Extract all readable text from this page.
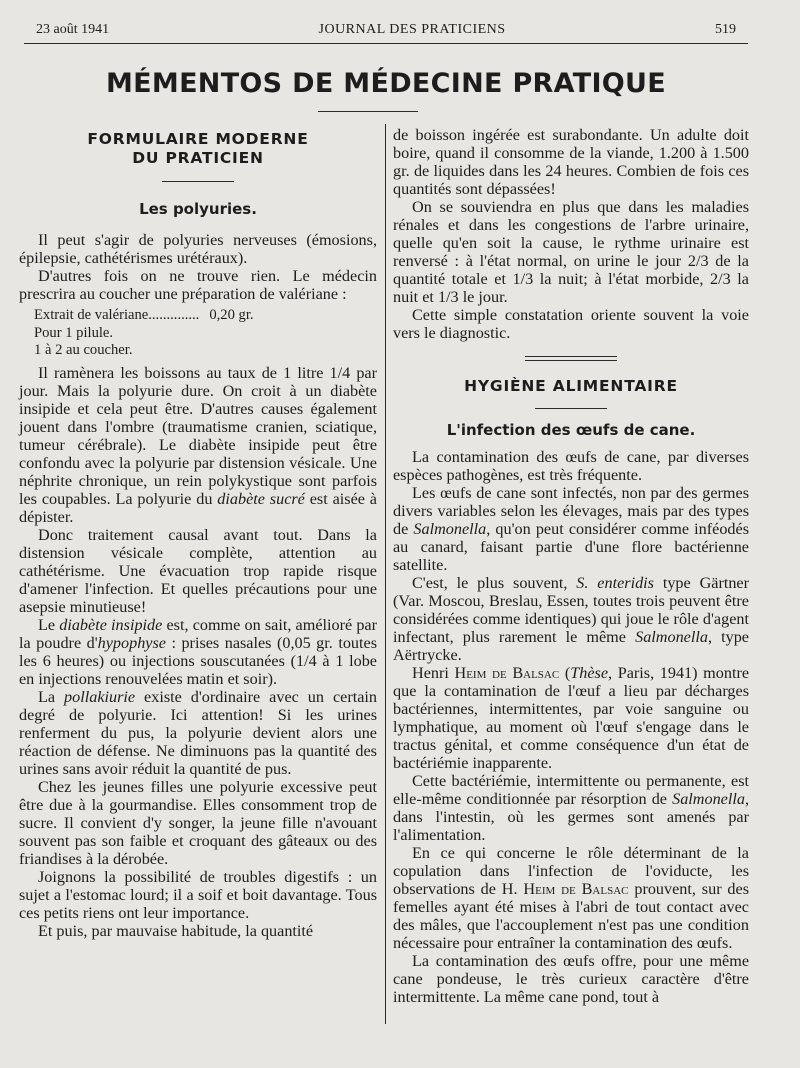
23 août 1941	JOURNAL DES PRATICIENS	519
MÉMENTOS DE MÉDECINE PRATIQUE
FORMULAIRE MODERNE
DU PRATICIEN
Les polyuries.

Il peut s'agir de polyuries nerveuses (émosions, épilepsie, cathétérismes urétéraux).

D'autres fois on ne trouve rien. Le médecin prescrira au coucher une préparation de valériane :

Extrait de valériane.............. 0,20 gr.
Pour 1 pilule.
1 à 2 au coucher.

Il ramènera les boissons au taux de 1 litre 1/4 par jour. Mais la polyurie dure. On croit à un diabète insipide et cela peut être. D'autres causes également jouent dans l'ombre (traumatisme cranien, sciatique, tumeur cérébrale). Le diabète insipide peut être confondu avec la polyurie par distension vésicale. Une néphrite chronique, un rein polykystique sont parfois les coupables. La polyurie du diabète sucré est aisée à dépister.

Donc traitement causal avant tout. Dans la distension vésicale complète, attention au cathétérisme. Une évacuation trop rapide risque d'amener l'infection. Et quelles précautions pour une asepsie minutieuse!

Le diabète insipide est, comme on sait, amélioré par la poudre d'hypophyse : prises nasales (0,05 gr. toutes les 6 heures) ou injections souscutanées (1/4 à 1 lobe en injections renouvelées matin et soir).

La pollakiurie existe d'ordinaire avec un certain degré de polyurie. Ici attention! Si les urines renferment du pus, la polyurie devient alors une réaction de défense. Ne diminuons pas la quantité des urines sans avoir réduit la quantité de pus.

Chez les jeunes filles une polyurie excessive peut être due à la gourmandise. Elles consomment trop de sucre. Il convient d'y songer, la jeune fille n'avouant souvent pas son faible et croquant des gâteaux ou des friandises à la dérobée.

Joignons la possibilité de troubles digestifs : un sujet a l'estomac lourd; il a soif et boit davantage. Tous ces petits riens ont leur importance.

Et puis, par mauvaise habitude, la quantité

de boisson ingérée est surabondante. Un adulte doit boire, quand il consomme de la viande, 1.200 à 1.500 gr. de liquides dans les 24 heures. Combien de fois ces quantités sont dépassées!

On se souviendra en plus que dans les maladies rénales et dans les congestions de l'arbre urinaire, quelle qu'en soit la cause, le rythme urinaire est renversé : à l'état normal, on urine le jour 2/3 de la quantité totale et 1/3 la nuit; à l'état morbide, 2/3 la nuit et 1/3 le jour.

Cette simple constatation oriente souvent la voie vers le diagnostic.

HYGIÈNE ALIMENTAIRE
L'infection des œufs de cane.

La contamination des œufs de cane, par diverses espèces pathogènes, est très fréquente.

Les œufs de cane sont infectés, non par des germes divers variables selon les élevages, mais par des types de Salmonella, qu'on peut considérer comme inféodés au canard, faisant partie d'une flore bactérienne satellite.

C'est, le plus souvent, S. enteridis type Gärtner (Var. Moscou, Breslau, Essen, toutes trois peuvent être considérées comme identiques) qui joue le rôle d'agent infectant, plus rarement le même Salmonella, type Aërtrycke.

Henri Heim de Balsac (Thèse, Paris, 1941) montre que la contamination de l'œuf a lieu par décharges bactériennes, intermittentes, par voie sanguine ou lymphatique, au moment où l'œuf s'engage dans le tractus génital, et comme conséquence d'un état de bactériémie inapparente.

Cette bactériémie, intermittente ou permanente, est elle-même conditionnée par résorption de Salmonella, dans l'intestin, où les germes sont amenés par l'alimentation.

En ce qui concerne le rôle déterminant de la copulation dans l'infection de l'oviducte, les observations de H. Heim de Balsac prouvent, sur des femelles ayant été mises à l'abri de tout contact avec des mâles, que l'accouplement n'est pas une condition nécessaire pour entraîner la contamination des œufs.

La contamination des œufs offre, pour une même cane pondeuse, le très curieux caractère d'être intermittente. La même cane pond, tout à
